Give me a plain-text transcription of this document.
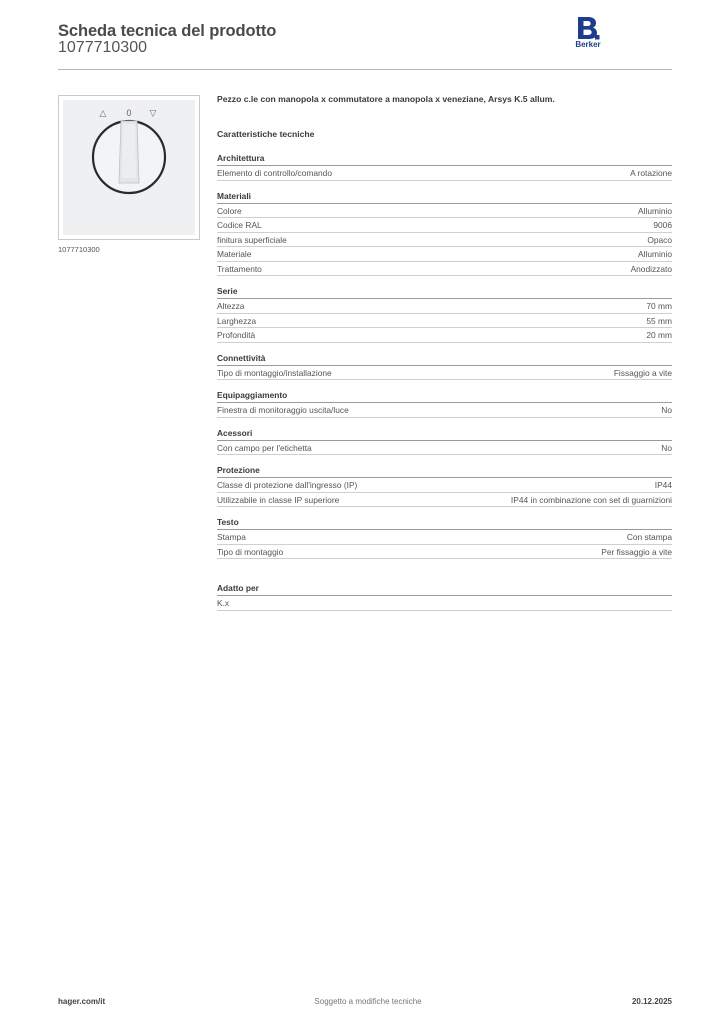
Scheda tecnica del prodotto
1077710300	Berker
△ 0 ▽
1077710300
Pezzo c.le con manopola x commutatore a manopola x veneziane, Arsys K.5 allum.
Caratteristiche tecniche
Architettura
Elemento di controllo/comando	A rotazione
Materiali
Colore	Alluminio
Codice RAL	9006
finitura superficiale	Opaco
Materiale	Alluminio
Trattamento	Anodizzato
Serie
Altezza	70 mm
Larghezza	55 mm
Profondità	20 mm
Connettività
Tipo di montaggio/installazione	Fissaggio a vite
Equipaggiamento
Finestra di monitoraggio uscita/luce	No
Acessori
Con campo per l'etichetta	No
Protezione
Classe di protezione dall'ingresso (IP)	IP44
Utilizzabile in classe IP superiore	IP44 in combinazione con set di guarnizioni
Testo
Stampa	Con stampa
Tipo di montaggio	Per fissaggio a vite
Adatto per
K.x
hager.com/it	Soggetto a modifiche tecniche	20.12.2025
